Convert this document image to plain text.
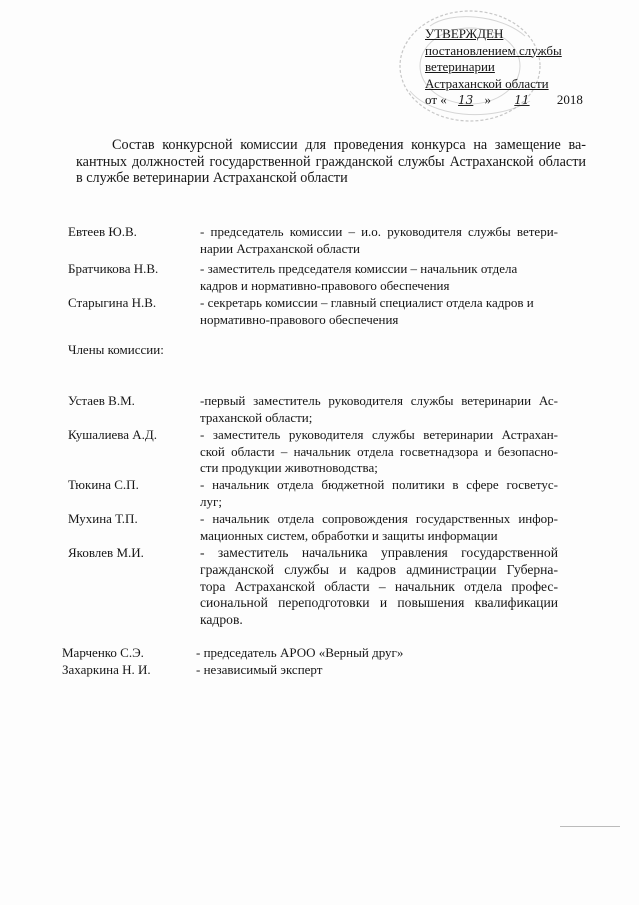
УТВЕРЖДЕН
постановлением службы
ветеринарии
Астраханской области
от « 13 » 11 2018
Состав конкурсной комиссии для проведения конкурса на замещение ва-
кантных должностей государственной гражданской службы Астраханской области
в службе ветеринарии Астраханской области
Евтеев Ю.В.	- председатель комиссии – и.о. руководителя службы ветери-
нарии Астраханской области
Братчикова Н.В.	- заместитель председателя комиссии – начальник отдела
кадров и нормативно-правового обеспечения
Старыгина Н.В.	- секретарь комиссии – главный специалист отдела кадров и
нормативно-правового обеспечения
Члены комиссии:
Устаев В.М.	-первый заместитель руководителя службы ветеринарии Ас-
траханской области;
Кушалиева А.Д.	- заместитель руководителя службы ветеринарии Астрахан-
ской области – начальник отдела госветнадзора и безопасно-
сти продукции животноводства;
Тюкина С.П.	- начальник отдела бюджетной политики в сфере госветус-
луг;
Мухина Т.П.	- начальник отдела сопровождения государственных инфор-
мационных систем, обработки и защиты информации
Яковлев М.И.	- заместитель начальника управления государственной
гражданской службы и кадров администрации Губерна-
тора Астраханской области – начальник отдела профес-
сиональной переподготовки и повышения квалификации
кадров.
Марченко С.Э.	- председатель АРОО «Верный друг»
Захаркина Н. И.	- независимый эксперт
